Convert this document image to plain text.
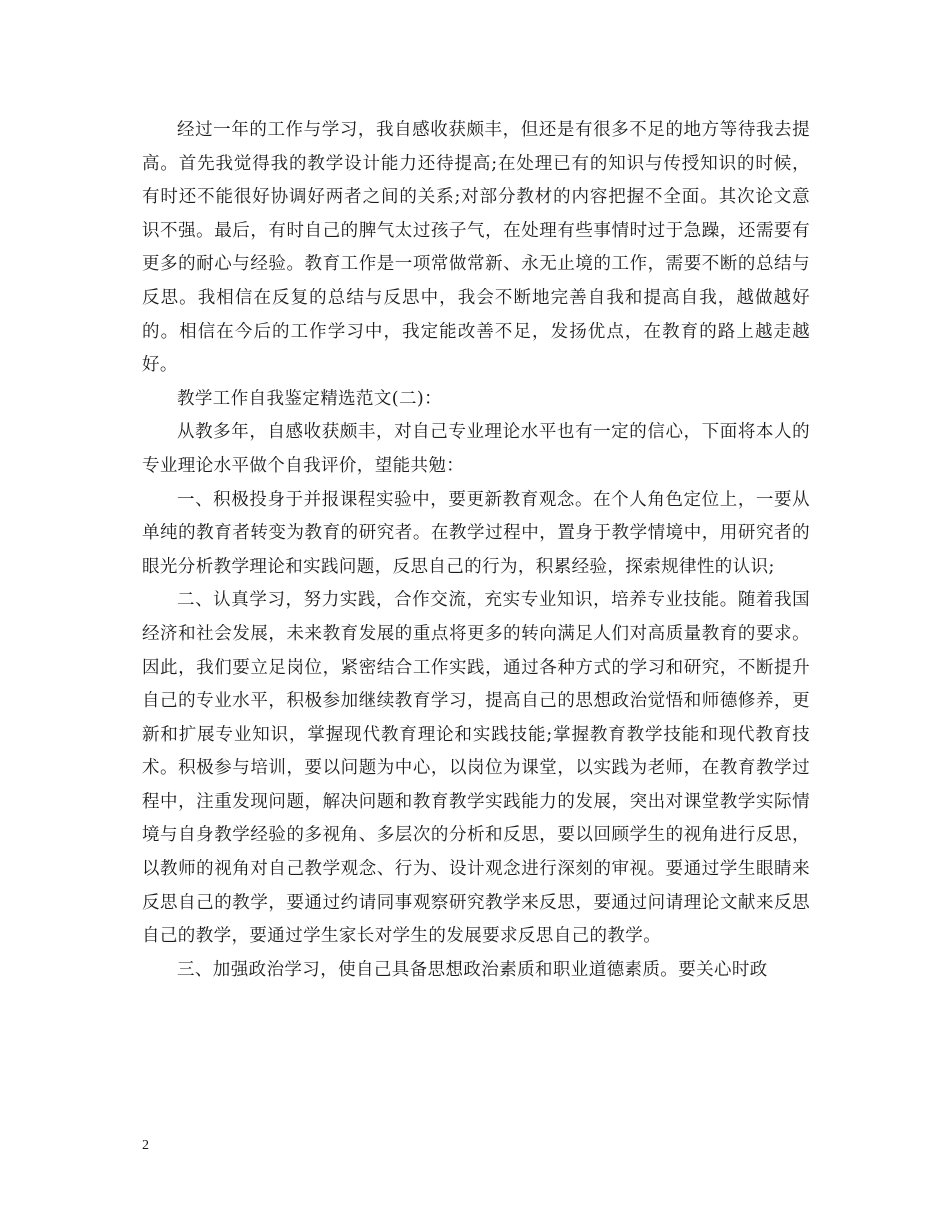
经过一年的工作与学习，我自感收获颇丰，但还是有很多不足的地方等待我去提高。首先我觉得我的教学设计能力还待提高;在处理已有的知识与传授知识的时候，有时还不能很好协调好两者之间的关系;对部分教材的内容把握不全面。其次论文意识不强。最后，有时自己的脾气太过孩子气，在处理有些事情时过于急躁，还需要有更多的耐心与经验。教育工作是一项常做常新、永无止境的工作，需要不断的总结与反思。我相信在反复的总结与反思中，我会不断地完善自我和提高自我，越做越好的。相信在今后的工作学习中，我定能改善不足，发扬优点，在教育的路上越走越好。

教学工作自我鉴定精选范文(二)：

从教多年，自感收获颇丰，对自己专业理论水平也有一定的信心，下面将本人的专业理论水平做个自我评价，望能共勉：

一、积极投身于并报课程实验中，要更新教育观念。在个人角色定位上，一要从单纯的教育者转变为教育的研究者。在教学过程中，置身于教学情境中，用研究者的眼光分析教学理论和实践问题，反思自己的行为，积累经验，探索规律性的认识;

二、认真学习，努力实践，合作交流，充实专业知识，培养专业技能。随着我国经济和社会发展，未来教育发展的重点将更多的转向满足人们对高质量教育的要求。因此，我们要立足岗位，紧密结合工作实践，通过各种方式的学习和研究，不断提升自己的专业水平，积极参加继续教育学习，提高自己的思想政治觉悟和师德修养，更新和扩展专业知识，掌握现代教育理论和实践技能;掌握教育教学技能和现代教育技术。积极参与培训，要以问题为中心，以岗位为课堂，以实践为老师，在教育教学过程中，注重发现问题，解决问题和教育教学实践能力的发展，突出对课堂教学实际情境与自身教学经验的多视角、多层次的分析和反思，要以回顾学生的视角进行反思，以教师的视角对自己教学观念、行为、设计观念进行深刻的审视。要通过学生眼睛来反思自己的教学，要通过约请同事观察研究教学来反思，要通过问请理论文献来反思自己的教学，要通过学生家长对学生的发展要求反思自己的教学。

三、加强政治学习，使自己具备思想政治素质和职业道德素质。要关心时政

2
